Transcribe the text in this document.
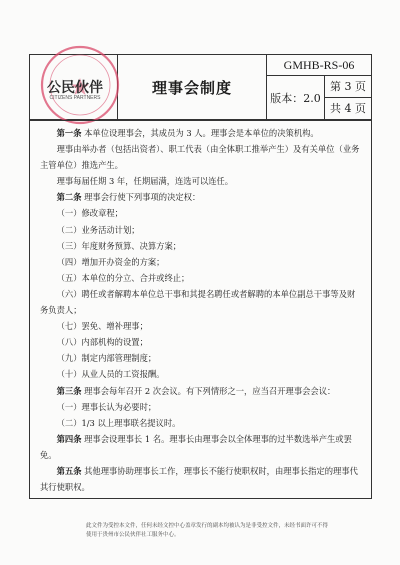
公民伙伴
CITIZENS PARTNERS
理事会制度
GMHB-RS-06
版本：2.0
第 3 页
共 4 页

第一条 本单位设理事会，其成员为 3 人。理事会是本单位的决策机构。

理事由举办者（包括出资者）、职工代表（由全体职工推举产生）及有关单位（业务主管单位）推选产生。

理事每届任期 3 年，任期届满，连选可以连任。

第二条 理事会行使下列事项的决定权：

（一）修改章程；

（二）业务活动计划；

（三）年度财务预算、决算方案；

（四）增加开办资金的方案；

（五）本单位的分立、合并或终止；

（六）聘任或者解聘本单位总干事和其提名聘任或者解聘的本单位副总干事等及财务负责人；

（七）罢免、增补理事；

（八）内部机构的设置；

（九）制定内部管理制度；

（十）从业人员的工资报酬。

第三条 理事会每年召开 2 次会议。有下列情形之一，应当召开理事会会议：

（一）理事长认为必要时；

（二）1/3 以上理事联名提议时。

第四条 理事会设理事长 1 名。理事长由理事会以全体理事的过半数选举产生或罢免。

第五条 其他理事协助理事长工作，理事长不能行使职权时，由理事长指定的理事代其行使职权。

此文件为受控本文件，任何未经文控中心盖章发行的副本均被认为是非受控文件，未经书面许可不得

使用于贵州市公民伙伴社工服务中心。
